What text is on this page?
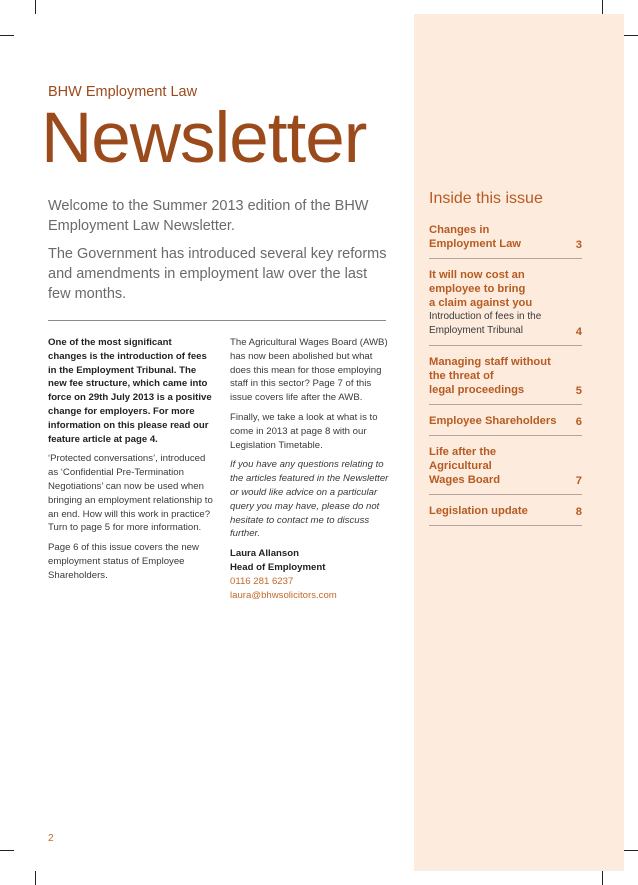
BHW Employment Law
Newsletter

Welcome to the Summer 2013 edition of the BHW Employment Law Newsletter.

The Government has introduced several key reforms and amendments in employment law over the last few months.

One of the most significant changes is the introduction of fees in the Employment Tribunal. The new fee structure, which came into force on 29th July 2013 is a positive change for employers. For more information on this please read our feature article at page 4.

‘Protected conversations’, introduced as ‘Confidential Pre-Termination Negotiations’ can now be used when bringing an employment relationship to an end. How will this work in practice? Turn to page 5 for more information.

Page 6 of this issue covers the new employment status of Employee Shareholders.

The Agricultural Wages Board (AWB) has now been abolished but what does this mean for those employing staff in this sector? Page 7 of this issue covers life after the AWB.

Finally, we take a look at what is to come in 2013 at page 8 with our Legislation Timetable.

If you have any questions relating to the articles featured in the Newsletter or would like advice on a particular query you may have, please do not hesitate to contact me to discuss further.

Laura Allanson

Head of Employment

0116 281 6237
laura@bhwsolicitors.com
Inside this issue
Changes in
Employment Law	3
It will now cost an
employee to bring
a claim against you
Introduction of fees in the
Employment Tribunal	4
Managing staff without
the threat of
legal proceedings	5
Employee Shareholders	6
Life after the
Agricultural
Wages Board	7
Legislation update	8
2
